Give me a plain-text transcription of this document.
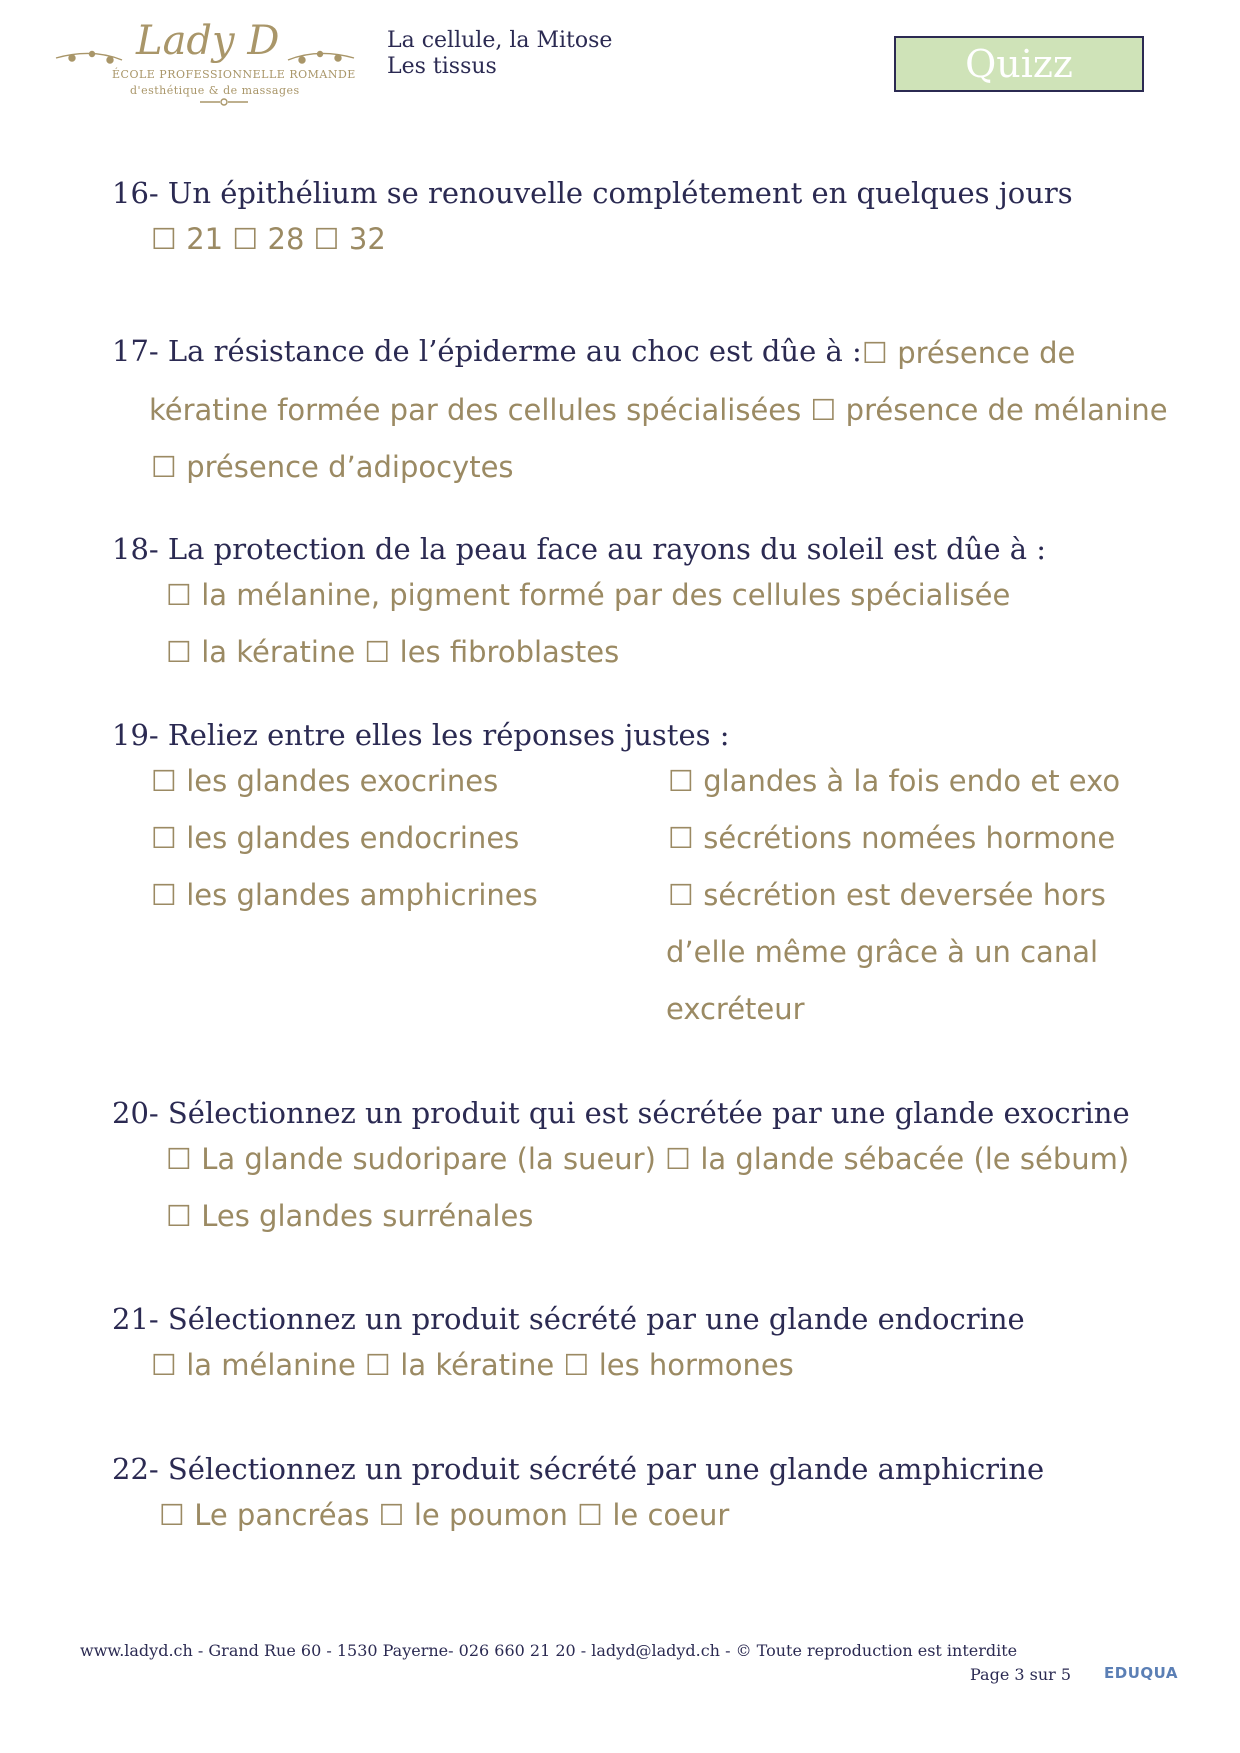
Lady D
ÉCOLE PROFESSIONNELLE ROMANDE
d'esthétique & de massages
La cellule, la Mitose
Les tissus	Quizz
16- Un épithélium se renouvelle complétement en quelques jours
☐ 21 ☐ 28 ☐ 32
17- La résistance de l’épiderme au choc est dûe à : ☐ présence de
kératine formée par des cellules spécialisées ☐ présence de mélanine
☐ présence d’adipocytes
18- La protection de la peau face au rayons du soleil est dûe à :
☐ la mélanine, pigment formé par des cellules spécialisée
☐ la kératine ☐ les fibroblastes
19- Reliez entre elles les réponses justes :
☐ les glandes exocrines
☐ les glandes endocrines
☐ les glandes amphicrines
☐ glandes à la fois endo et exo
☐ sécrétions nomées hormone
☐ sécrétion est deversée hors
d’elle même grâce à un canal
excréteur
20- Sélectionnez un produit qui est sécrétée par une glande exocrine
☐ La glande sudoripare (la sueur) ☐ la glande sébacée (le sébum)
☐ Les glandes surrénales
21- Sélectionnez un produit sécrété par une glande endocrine
☐ la mélanine ☐ la kératine ☐ les hormones
22- Sélectionnez un produit sécrété par une glande amphicrine
☐ Le pancréas ☐ le poumon ☐ le coeur
www.ladyd.ch - Grand Rue 60 - 1530 Payerne- 026 660 21 20 - ladyd@ladyd.ch - © Toute reproduction est interdite
Page 3 sur 5 EDUQUA
